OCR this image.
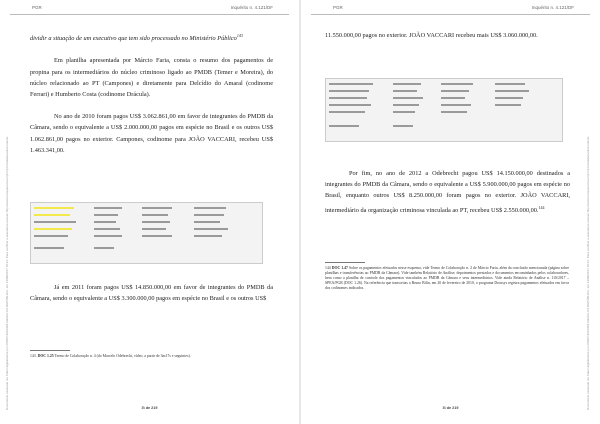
PGR	Inquérito n. 4.121/DF
Documento assinado via Token digitalmente por PROCURADOR-GERAL DA REPÚBLICA, em 14/09/2017 18:21. Para verificar a assinatura acesse http://www.transparencia.mpf.mp.br/validacaodocumento.

dividir a situação de um executivo que tem sido processado no Ministério Público$^{143}$

Em planilha apresentada por Márcio Faria, consta o resumo dos pagamentos de propina para os intermediários do núcleo criminoso ligado ao PMDB (Temer e Moreira), do núcleo relacionado ao PT (Campones) e diretamente para Delcídio do Amaral (codinome Ferrari) e Humberto Costa (codinome Drácula).

No ano de 2010 foram pagos US$ 3.062.861,00 em favor de integrantes do PMDB da Câmara, sendo o equivalente a US$ 2.000.000,00 pagos em espécie no Brasil e os outros US$ 1.062.861,00 pagos no exterior. Campones, codinome para JOÃO VACCARI, recebeu US$ 1.463.341,00.

Já em 2011 foram pagos US$ 14.850.000,00 em favor de integrantes do PMDB da Câmara, sendo o equivalente a US$ 3.300.000,00 pagos em espécie no Brasil e os outros US$

143. DOC 1.25 Termo de Colaboração n. 4 (do Marcelo Odebrecht, vídeo, a partir de 3m17s e seguintes).
3\ de 219
PGR	Inquérito n. 4.121/DF
Documento assinado via Token digitalmente por PROCURADOR-GERAL DA REPÚBLICA, em 14/09/2017 18:21. Para verificar a assinatura acesse http://www.transparencia.mpf.mp.br/validacaodocumento.

11.550.000,00 pagos no exterior. JOÃO VACCARI recebeu mais US$ 3.060.000,00.

Por fim, no ano de 2012 a Odebrecht pagou US$ 14.150.000,00 destinados a integrantes do PMDB da Câmara, sendo o equivalente a US$ 5.900.000,00 pagos em espécie no Brasil, enquanto outros US$ 8.250.000,00 foram pagos no exterior. JOÃO VACCARI, intermediário da organização criminosa vinculada ao PT, recebeu US$ 2.550.000,00.$^{144}$

144 DOC 1.47 Sobre os pagamentos efetuados nesse esquema, vide Termo de Colaboração n. 2 de Márcio Faria, além da conclusão mencionada (página sobre planilhas e transferências ao PMDB da Câmara). Vide também Relatório de Análise; depoimentos prestados e documentos encaminhados pelos colaboradores, bem como a planilha de controle dos pagamentos vinculados ao PMDB da Câmara e seus intermediários. Vide ainda Relatório de Análise n. 110/2017 – SPEA/PGR (DOC 1.26). Na referência que transcritas a Bruno Bilin, em 20 de fevereiro de 2010, o programa Drousys registra pagamentos efetuados em favor dos codinomes indicados.
3\ de 219
